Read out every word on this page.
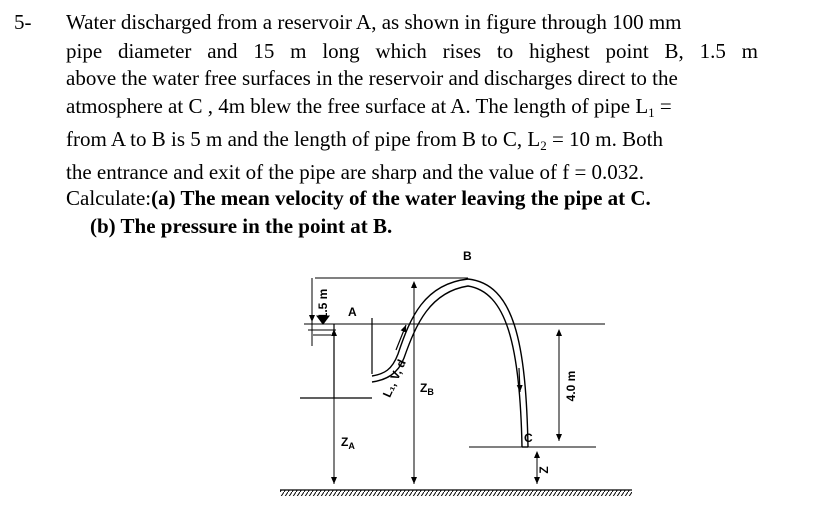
5- Water discharged from a reservoir A, as shown in figure through 100 mm
pipe diameter and 15 m long which rises to highest point B, 1.5 m
above the water free surfaces in the reservoir and discharges direct to the
atmosphere at C , 4m blew the free surface at A. The length of pipe $L_1$ =
from A to B is 5 m and the length of pipe from B to C, $L_2 = 10$ m. Both
the entrance and exit of the pipe are sharp and the value of f = 0.032.
Calculate:(a) The mean velocity of the water leaving the pipe at C.
(b) The pressure in the point at B.
1.5 m
$Z_A$
$Z_B$	4.0 m
Z
B
A
C
L₁, V, d
